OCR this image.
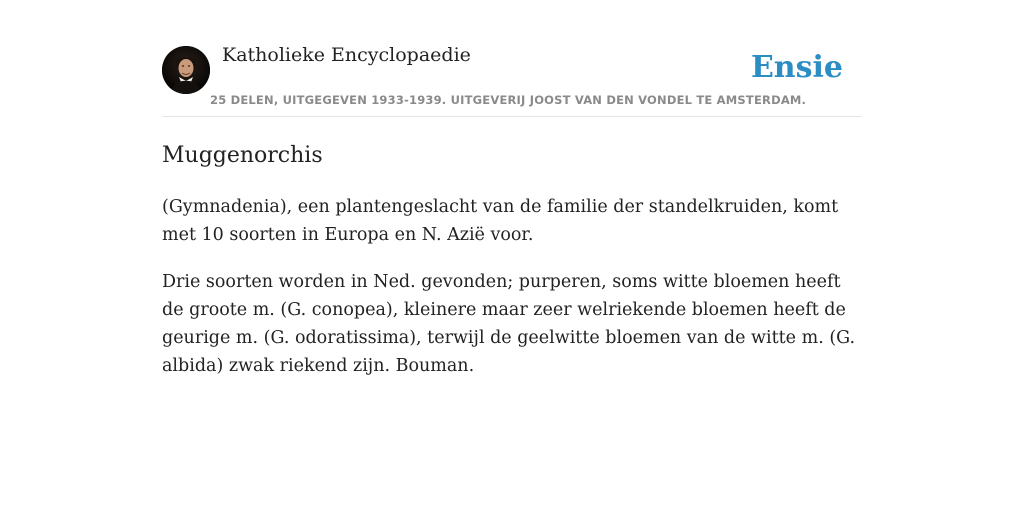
Katholieke Encyclopaedie
25 DELEN, UITGEGEVEN 1933-1939. UITGEVERIJ JOOST VAN DEN VONDEL TE AMSTERDAM.
Ensie
Muggenorchis

(Gymnadenia), een plantengeslacht van de familie der standelkruiden, komt met 10 soorten in Europa en N. Azië voor.

Drie soorten worden in Ned. gevonden; purperen, soms witte bloemen heeft de groote m. (G. conopea), kleinere maar zeer welriekende bloemen heeft de geurige m. (G. odoratissima), terwijl de geelwitte bloemen van de witte m. (G. albida) zwak riekend zijn. Bouman.
